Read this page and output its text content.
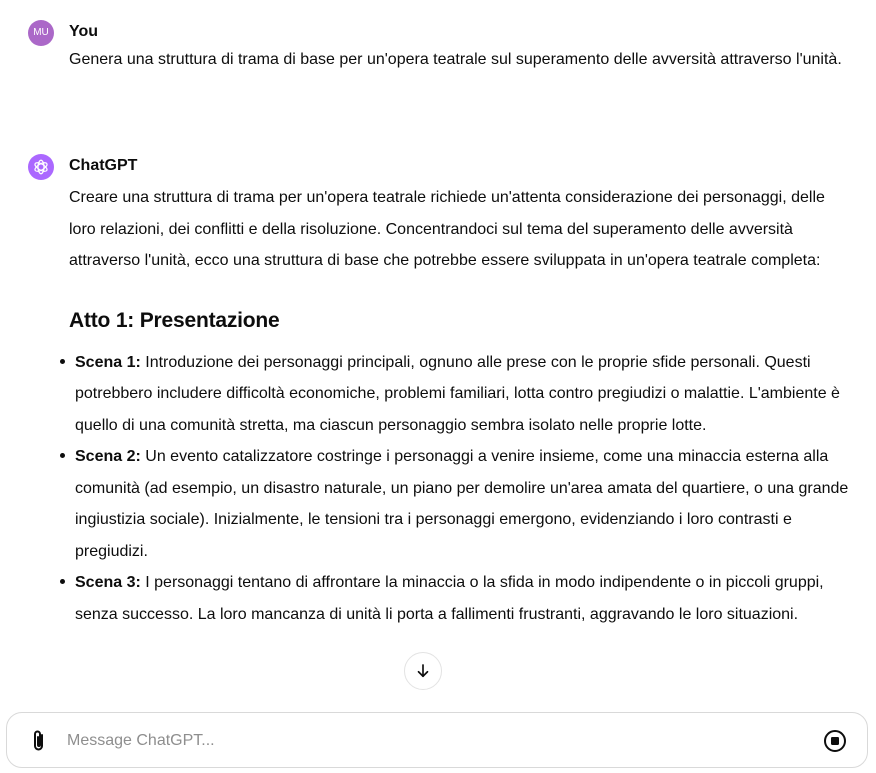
MU	You

Genera una struttura di trama di base per un'opera teatrale sul superamento delle avversità attraverso l'unità.

ChatGPT

Creare una struttura di trama per un'opera teatrale richiede un'attenta considerazione dei personaggi, delle loro relazioni, dei conflitti e della risoluzione. Concentrandoci sul tema del superamento delle avversità attraverso l'unità, ecco una struttura di base che potrebbe essere sviluppata in un'opera teatrale completa:

Atto 1: Presentazione
Scena 1: Introduzione dei personaggi principali, ognuno alle prese con le proprie sfide personali. Questi potrebbero includere difficoltà economiche, problemi familiari, lotta contro pregiudizi o malattie. L'ambiente è quello di una comunità stretta, ma ciascun personaggio sembra isolato nelle proprie lotte.
Scena 2: Un evento catalizzatore costringe i personaggi a venire insieme, come una minaccia esterna alla comunità (ad esempio, un disastro naturale, un piano per demolire un'area amata del quartiere, o una grande ingiustizia sociale). Inizialmente, le tensioni tra i personaggi emergono, evidenziando i loro contrasti e pregiudizi.
Scena 3: I personaggi tentano di affrontare la minaccia o la sfida in modo indipendente o in piccoli gruppi, senza successo. La loro mancanza di unità li porta a fallimenti frustranti, aggravando le loro situazioni.
Message ChatGPT...
